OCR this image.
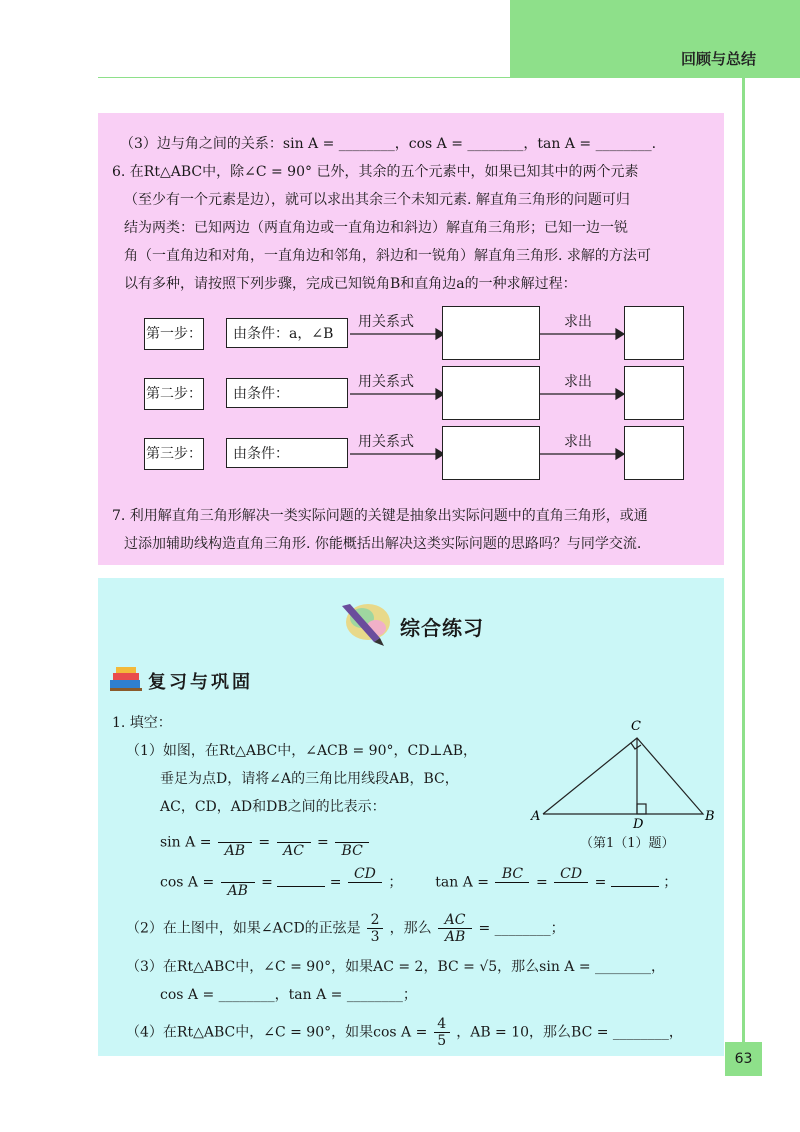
回顾与总结
（3）边与角之间的关系：sin A = ________，cos A = ________，tan A = ________.
6. 在Rt△ABC中，除∠C = 90° 已外，其余的五个元素中，如果已知其中的两个元素
（至少有一个元素是边），就可以求出其余三个未知元素. 解直角三角形的问题可归
结为两类：已知两边（两直角边或一直角边和斜边）解直角三角形；已知一边一锐
角（一直角边和对角，一直角边和邻角，斜边和一锐角）解直角三角形. 求解的方法可
以有多种，请按照下列步骤，完成已知锐角B和直角边a的一种求解过程：
第一步：	由条件：a，∠B
用关系式	求出
第二步：	由条件：
用关系式	求出
第三步：	由条件：
用关系式	求出
7. 利用解直角三角形解决一类实际问题的关键是抽象出实际问题中的直角三角形，或通
过添加辅助线构造直角三角形. 你能概括出解决这类实际问题的思路吗？与同学交流.
综合练习
复习与巩固
1. 填空：
（1）如图，在Rt△ABC中，∠ACB = 90°，CD⊥AB，
垂足为点D，请将∠A的三角比用线段AB，BC，
AC，CD，AD和DB之间的比表示：
sin A =

AB
=

AC
=

BC
cos A =

AB
=	=
CD

； tan A =
BC

=
CD

=	；
A
C
D
B
（第1（1）题）
（2）在上图中，如果∠ACD的正弦是 $\frac{2}{3}$ ，那么 $\frac{AC}{AB}$ = ________；
（3）在Rt△ABC中，∠C = 90°，如果AC = 2，BC = √5，那么sin A = ________，
cos A = ________，tan A = ________；
（4）在Rt△ABC中，∠C = 90°，如果$\cos A = \frac{4}{5}$ ，AB = 10，那么BC = ________，
63
